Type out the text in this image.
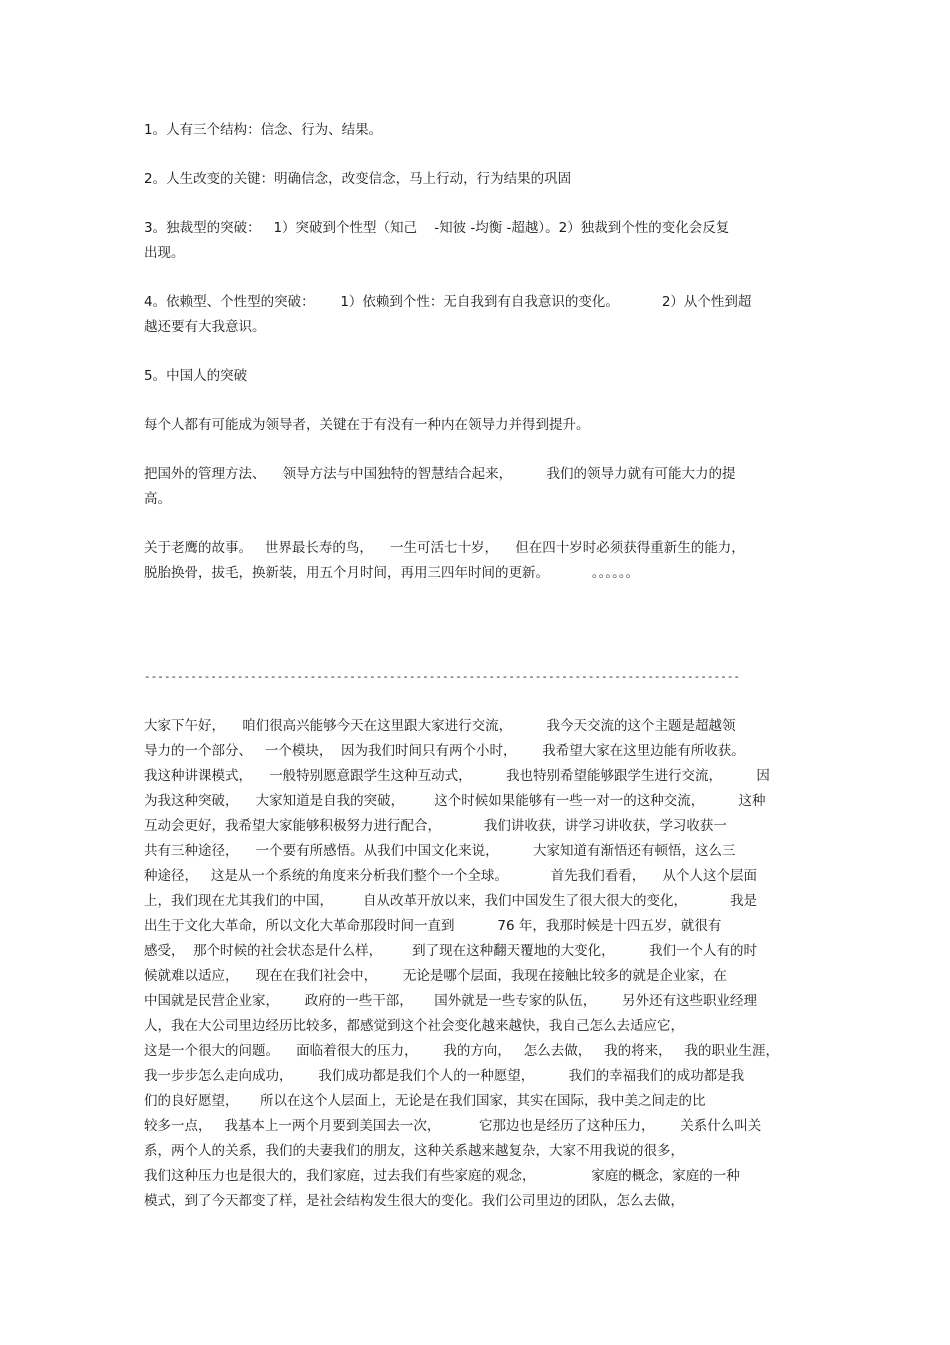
1。人有三个结构：信念、行为、结果。

2。人生改变的关键：明确信念，改变信念，马上行动，行为结果的巩固

3。独裁型的突破：   1）突破到个性型（知己    -知彼 -均衡 -超越）。2）独裁到个性的变化会反复
出现。

4。依赖型、个性型的突破：      1）依赖到个性：无自我到有自我意识的变化。          2）从个性到超
越还要有大我意识。

5。中国人的突破

每个人都有可能成为领导者，关键在于有没有一种内在领导力并得到提升。

把国外的管理方法、    领导方法与中国独特的智慧结合起来，        我们的领导力就有可能大力的提
高。

关于老鹰的故事。   世界最长寿的鸟，    一生可活七十岁，    但在四十岁时必须获得重新生的能力，
脱胎换骨，拔毛，换新装，用五个月时间，再用三四年时间的更新。          。。。。。。

------------------------------------------------------------------------------------------
大家下午好，    咱们很高兴能够今天在这里跟大家进行交流，        我今天交流的这个主题是超越领
导力的一个部分、   一个模块，  因为我们时间只有两个小时，      我希望大家在这里边能有所收获。
我这种讲课模式，    一般特别愿意跟学生这种互动式，        我也特别希望能够跟学生进行交流，        因
为我这种突破，    大家知道是自我的突破，       这个时候如果能够有一些一对一的这种交流，        这种
互动会更好，我希望大家能够积极努力进行配合，          我们讲收获，讲学习讲收获，学习收获一
共有三种途径，    一个要有所感悟。从我们中国文化来说，        大家知道有渐悟还有顿悟，这么三
种途径，   这是从一个系统的角度来分析我们整个一个全球。          首先我们看看，    从个人这个层面
上，我们现在尤其我们的中国，       自从改革开放以来，我们中国发生了很大很大的变化，          我是
出生于文化大革命，所以文化大革命那段时间一直到          76 年，我那时候是十四五岁，就很有
感受，  那个时候的社会状态是什么样，       到了现在这种翻天覆地的大变化，        我们一个人有的时
候就难以适应，    现在在我们社会中，      无论是哪个层面，我现在接触比较多的就是企业家，在
中国就是民营企业家，      政府的一些干部，     国外就是一些专家的队伍，      另外还有这些职业经理
人，我在大公司里边经历比较多，都感觉到这个社会变化越来越快，我自己怎么去适应它，
这是一个很大的问题。    面临着很大的压力，      我的方向，   怎么去做，   我的将来，   我的职业生涯，
我一步步怎么走向成功，      我们成功都是我们个人的一种愿望，        我们的幸福我们的成功都是我
们的良好愿望，     所以在这个人层面上，无论是在我们国家，其实在国际，我中美之间走的比
较多一点，   我基本上一两个月要到美国去一次，         它那边也是经历了这种压力，      关系什么叫关
系，两个人的关系，我们的夫妻我们的朋友，这种关系越来越复杂，大家不用我说的很多，
我们这种压力也是很大的，我们家庭，过去我们有些家庭的观念，             家庭的概念，家庭的一种
模式，到了今天都变了样，是社会结构发生很大的变化。我们公司里边的团队，怎么去做，
